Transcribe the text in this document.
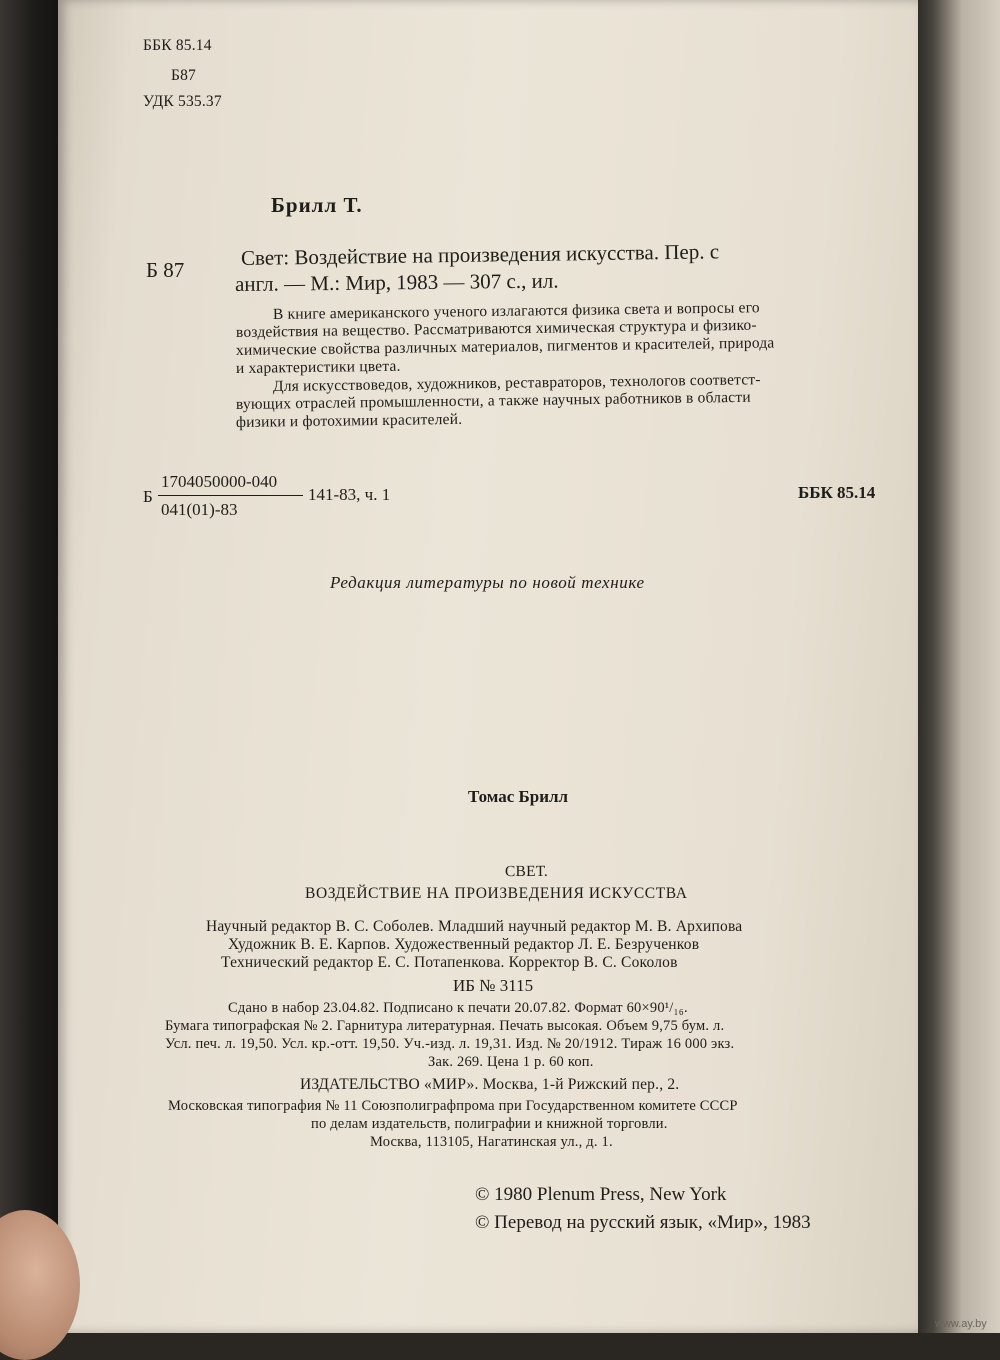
ББК 85.14
Б87
УДК 535.37
Брилл Т.
Б 87
Свет: Воздействие на произведения искусства. Пер. с
англ. — М.: Мир, 1983 — 307 с., ил.
В книге американского ученого излагаются физика света и вопросы его
воздействия на вещество. Рассматриваются химическая структура и физико-
химические свойства различных материалов, пигментов и красителей, природа
и характеристики цвета.
Для искусствоведов, художников, реставраторов, технологов соответст-
вующих отраслей промышленности, а также научных работников в области
физики и фотохимии красителей.
Б
1704050000-040
041(01)-83
141-83, ч. 1	ББК 85.14
Редакция литературы по новой технике
Томас Брилл
СВЕТ.
ВОЗДЕЙСТВИЕ НА ПРОИЗВЕДЕНИЯ ИСКУССТВА
Научный редактор В. С. Соболев. Младший научный редактор М. В. Архипова
Художник В. Е. Карпов. Художественный редактор Л. Е. Безрученков
Технический редактор Е. С. Потапенкова. Корректор В. С. Соколов
ИБ № 3115
Сдано в набор 23.04.82. Подписано к печати 20.07.82. Формат 60×90¹/₁₆.
Бумага типографская № 2. Гарнитура литературная. Печать высокая. Объем 9,75 бум. л.
Усл. печ. л. 19,50. Усл. кр.-отт. 19,50. Уч.-изд. л. 19,31. Изд. № 20/1912. Тираж 16 000 экз.
Зак. 269. Цена 1 р. 60 коп.
ИЗДАТЕЛЬСТВО «МИР». Москва, 1-й Рижский пер., 2.
Московская типография № 11 Союзполиграфпрома при Государственном комитете СССР
по делам издательств, полиграфии и книжной торговли.
Москва, 113105, Нагатинская ул., д. 1.
© 1980 Plenum Press, New York
© Перевод на русский язык, «Мир», 1983
www.ay.by
